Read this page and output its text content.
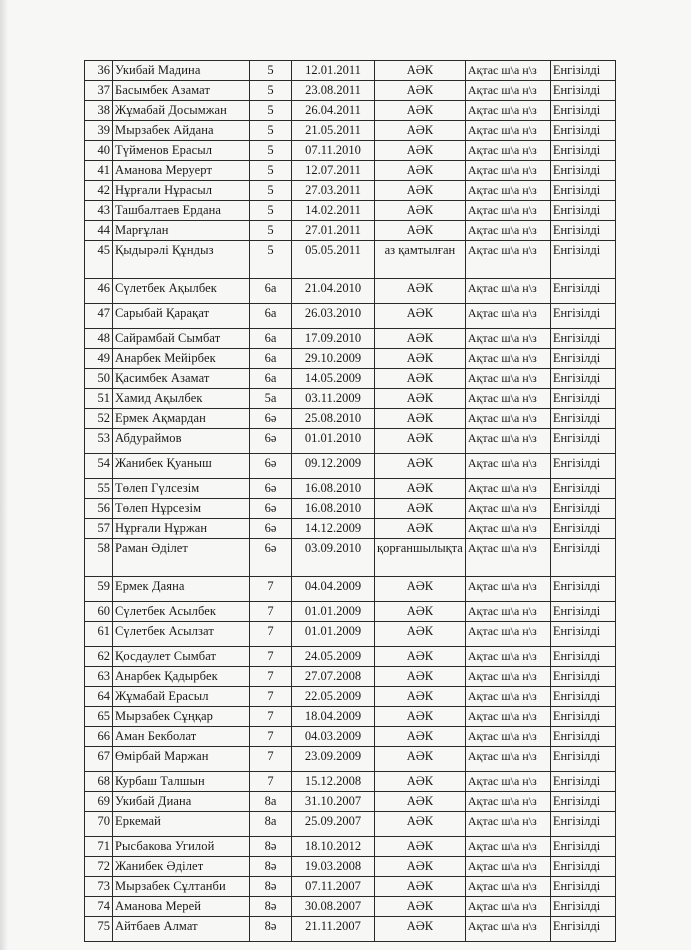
36	Укибай Мадина	5	12.01.2011	АӘК	Ақтас ш\а н\з	Енгізілді
37	Басымбек Азамат	5	23.08.2011	АӘК	Ақтас ш\а н\з	Енгізілді
38	Жұмабай Досымжан	5	26.04.2011	АӘК	Ақтас ш\а н\з	Енгізілді
39	Мырзабек Айдана	5	21.05.2011	АӘК	Ақтас ш\а н\з	Енгізілді
40	Түйменов Ерасыл	5	07.11.2010	АӘК	Ақтас ш\а н\з	Енгізілді
41	Аманова Меруерт	5	12.07.2011	АӘК	Ақтас ш\а н\з	Енгізілді
42	Нұрғали Нұрасыл	5	27.03.2011	АӘК	Ақтас ш\а н\з	Енгізілді
43	Ташбалтаев Ердана	5	14.02.2011	АӘК	Ақтас ш\а н\з	Енгізілді
44	Марғұлан	5	27.01.2011	АӘК	Ақтас ш\а н\з	Енгізілді
45	Қыдырәлі Құндыз	5	05.05.2011	аз қамтылған	Ақтас ш\а н\з	Енгізілді
46	Сүлетбек Ақылбек	6а	21.04.2010	АӘК	Ақтас ш\а н\з	Енгізілді
47	Сарыбай Қарақат	6а	26.03.2010	АӘК	Ақтас ш\а н\з	Енгізілді
48	Сайрамбай Сымбат	6а	17.09.2010	АӘК	Ақтас ш\а н\з	Енгізілді
49	Анарбек Мейірбек	6а	29.10.2009	АӘК	Ақтас ш\а н\з	Енгізілді
50	Қасимбек Азамат	6а	14.05.2009	АӘК	Ақтас ш\а н\з	Енгізілді
51	Хамид Ақылбек	5а	03.11.2009	АӘК	Ақтас ш\а н\з	Енгізілді
52	Ермек Ақмардан	6ә	25.08.2010	АӘК	Ақтас ш\а н\з	Енгізілді
53	Абдураймов	6ә	01.01.2010	АӘК	Ақтас ш\а н\з	Енгізілді
54	Жанибек Қуаныш	6ә	09.12.2009	АӘК	Ақтас ш\а н\з	Енгізілді
55	Төлеп Гүлсезім	6ә	16.08.2010	АӘК	Ақтас ш\а н\з	Енгізілді
56	Төлеп Нұрсезім	6ә	16.08.2010	АӘК	Ақтас ш\а н\з	Енгізілді
57	Нұрғали Нұржан	6ә	14.12.2009	АӘК	Ақтас ш\а н\з	Енгізілді
58	Раман Әділет	6ә	03.09.2010	қорғаншылықта	Ақтас ш\а н\з	Енгізілді
59	Ермек Даяна	7	04.04.2009	АӘК	Ақтас ш\а н\з	Енгізілді
60	Сүлетбек Асылбек	7	01.01.2009	АӘК	Ақтас ш\а н\з	Енгізілді
61	Сүлетбек Асылзат	7	01.01.2009	АӘК	Ақтас ш\а н\з	Енгізілді
62	Қосдаулет Сымбат	7	24.05.2009	АӘК	Ақтас ш\а н\з	Енгізілді
63	Анарбек Қадырбек	7	27.07.2008	АӘК	Ақтас ш\а н\з	Енгізілді
64	Жұмабай Ерасыл	7	22.05.2009	АӘК	Ақтас ш\а н\з	Енгізілді
65	Мырзабек Сұңқар	7	18.04.2009	АӘК	Ақтас ш\а н\з	Енгізілді
66	Аман Бекболат	7	04.03.2009	АӘК	Ақтас ш\а н\з	Енгізілді
67	Өмірбай Маржан	7	23.09.2009	АӘК	Ақтас ш\а н\з	Енгізілді
68	Курбаш Талшын	7	15.12.2008	АӘК	Ақтас ш\а н\з	Енгізілді
69	Укибай Диана	8а	31.10.2007	АӘК	Ақтас ш\а н\з	Енгізілді
70	Еркемай	8а	25.09.2007	АӘК	Ақтас ш\а н\з	Енгізілді
71	Рысбакова Угилой	8ә	18.10.2012	АӘК	Ақтас ш\а н\з	Енгізілді
72	Жанибек Әділет	8ә	19.03.2008	АӘК	Ақтас ш\а н\з	Енгізілді
73	Мырзабек Сұлтанби	8ә	07.11.2007	АӘК	Ақтас ш\а н\з	Енгізілді
74	Аманова Мерей	8ә	30.08.2007	АӘК	Ақтас ш\а н\з	Енгізілді
75	Айтбаев Алмат	8ә	21.11.2007	АӘК	Ақтас ш\а н\з	Енгізілді
